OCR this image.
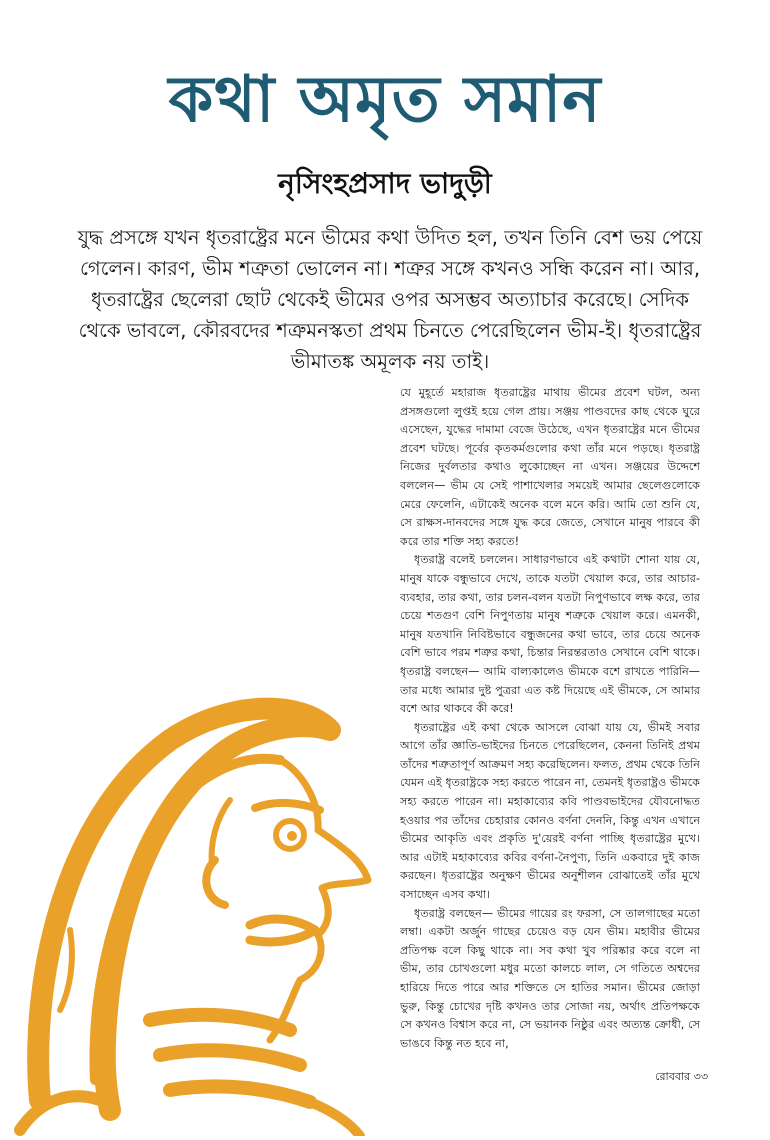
কথা অমৃত সমান
নৃসিংহপ্রসাদ ভাদুড়ী

যুদ্ধ প্রসঙ্গে যখন ধৃতরাষ্ট্রের মনে ভীমের কথা উদিত হল, তখন তিনি বেশ ভয় পেয়ে গেলেন। কারণ, ভীম শত্রুতা ভোলেন না। শত্রুর সঙ্গে কখনও সন্ধি করেন না। আর, ধৃতরাষ্ট্রের ছেলেরা ছোট থেকেই ভীমের ওপর অসম্ভব অত্যাচার করেছে। সেদিক থেকে ভাবলে, কৌরবদের শত্রুমনস্কতা প্রথম চিনতে পেরেছিলেন ভীম-ই। ধৃতরাষ্ট্রের ভীমাতঙ্ক অমূলক নয় তাই।

যে মুহূর্তে মহারাজ ধৃতরাষ্ট্রের মাথায় ভীমের প্রবেশ ঘটল, অন্য প্রসঙ্গগুলো লুপ্তই হয়ে গেল প্রায়। সঞ্জয় পাণ্ডবদের কাছ থেকে ঘুরে এসেছেন, যুদ্ধের দামামা বেজে উঠেছে, এখন ধৃতরাষ্ট্রের মনে ভীমের প্রবেশ ঘটছে। পূর্বের কৃতকর্মগুলোর কথা তাঁর মনে পড়ছে। ধৃতরাষ্ট্র নিজের দুর্বলতার কথাও লুকোচ্ছেন না এখন। সঞ্জয়ের উদ্দেশে বললেন— ভীম যে সেই পাশাখেলার সময়েই আমার ছেলেগুলোকে মেরে ফেলেনি, এটাকেই অনেক বলে মনে করি। আমি তো শুনি যে, সে রাক্ষস-দানবদের সঙ্গে যুদ্ধ করে জেতে, সেখানে মানুষ পারবে কী করে তার শক্তি সহ্য করতে!

ধৃতরাষ্ট্র বলেই চললেন। সাধারণভাবে এই কথাটা শোনা যায় যে, মানুষ যাকে বন্ধুভাবে দেখে, তাকে যতটা খেয়াল করে, তার আচার-ব্যবহার, তার কথা, তার চলন-বলন যতটা নিপুণভাবে লক্ষ করে, তার চেয়ে শতগুণ বেশি নিপুণতায় মানুষ শত্রুকে খেয়াল করে। এমনকী, মানুষ যতখানি নিবিষ্টভাবে বন্ধুজনের কথা ভাবে, তার চেয়ে অনেক বেশি ভাবে পরম শত্রুর কথা, চিন্তার নিরন্তরতাও সেখানে বেশি থাকে। ধৃতরাষ্ট্র বলছেন— আমি বাল্যকালেও ভীমকে বশে রাখতে পারিনি— তার মধ্যে আমার দুষ্ট পুত্ররা এত কষ্ট দিয়েছে এই ভীমকে, সে আমার বশে আর থাকবে কী করে!

ধৃতরাষ্ট্রের এই কথা থেকে আসলে বোঝা যায় যে, ভীমই সবার আগে তাঁর জ্ঞাতি-ভাইদের চিনতে পেরেছিলেন, কেননা তিনিই প্রথম তাঁদের শত্রুতাপূর্ণ আক্রমণ সহ্য করেছিলেন। ফলত, প্রথম থেকে তিনি যেমন এই ধৃতরাষ্ট্রকে সহ্য করতে পারেন না, তেমনই ধৃতরাষ্ট্রও ভীমকে সহ্য করতে পারেন না। মহাকাব্যের কবি পাণ্ডবভাইদের যৌবনোদ্ধত হওয়ার পর তাঁদের চেহারার কোনও বর্ণনা দেননি, কিন্তু এখন এখানে ভীমের আকৃতি এবং প্রকৃতি দু'য়েরই বর্ণনা পাচ্ছি ধৃতরাষ্ট্রের মুখে। আর এটাই মহাকাব্যের কবির বর্ণনা-নৈপুণ্য, তিনি একবারে দুই কাজ করছেন। ধৃতরাষ্ট্রের অনুক্ষণ ভীমের অনুশীলন বোঝাতেই তাঁর মুখে বসাচ্ছেন এসব কথা।

ধৃতরাষ্ট্র বলছেন— ভীমের গায়ের রং ফরসা, সে তালগাছের মতো লম্বা। একটা অর্জুন গাছের চেয়েও বড় যেন ভীম। মহাবীর ভীমের প্রতিপক্ষ বলে কিছু থাকে না। সব কথা খুব পরিষ্কার করে বলে না ভীম, তার চোখগুলো মধুর মতো কালচে লাল, সে গতিতে অশ্বদের হারিয়ে দিতে পারে আর শক্তিতে সে হাতির সমান। ভীমের জোড়া ভুরু, কিন্তু চোখের দৃষ্টি কখনও তার সোজা নয়, অর্থাৎ প্রতিপক্ষকে সে কখনও বিশ্বাস করে না, সে ভয়ানক নিষ্ঠুর এবং অত্যন্ত ক্রোধী, সে ভাঙবে কিন্তু নত হবে না,

রোববার ৩৩
